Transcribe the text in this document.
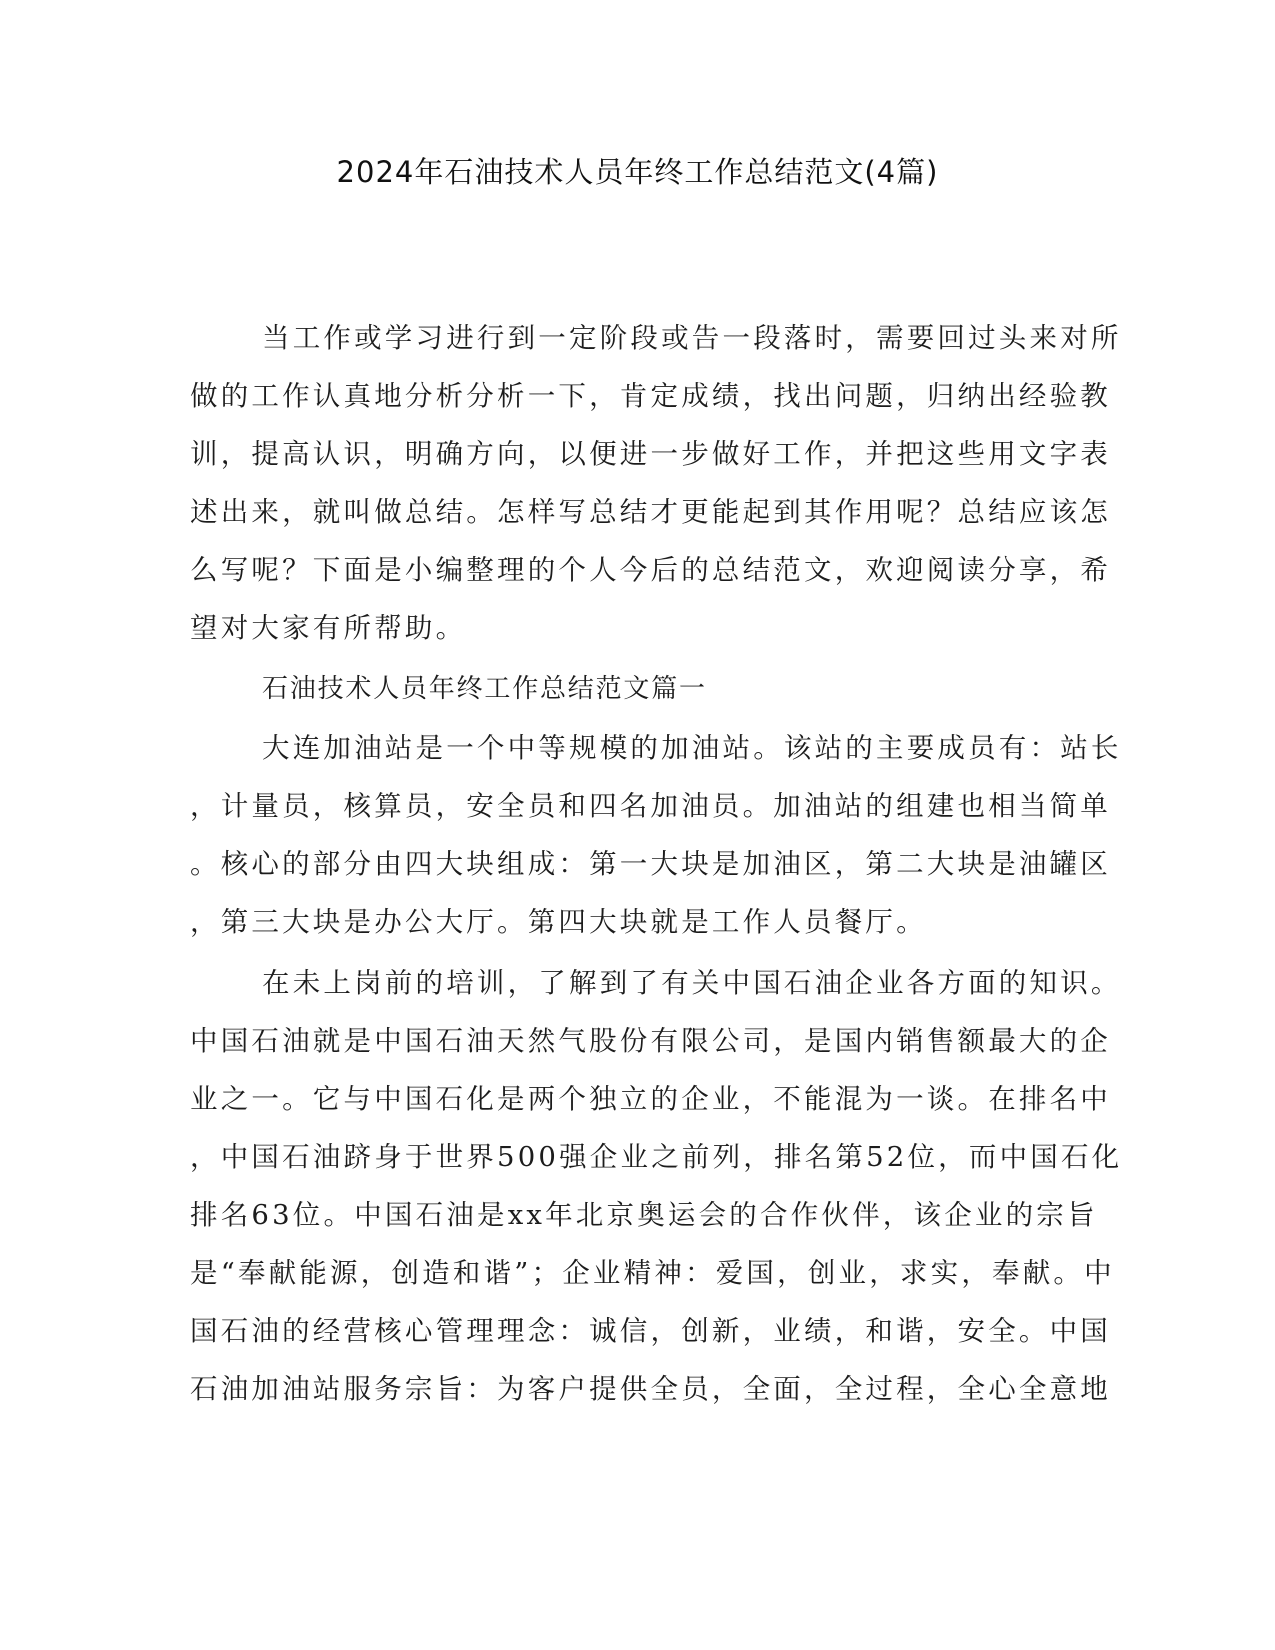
2024年石油技术人员年终工作总结范文(4篇)
当工作或学习进行到一定阶段或告一段落时，需要回过头来对所
做的工作认真地分析分析一下，肯定成绩，找出问题，归纳出经验教
训，提高认识，明确方向，以便进一步做好工作，并把这些用文字表
述出来，就叫做总结。怎样写总结才更能起到其作用呢？总结应该怎
么写呢？下面是小编整理的个人今后的总结范文，欢迎阅读分享，希
望对大家有所帮助。
石油技术人员年终工作总结范文篇一
大连加油站是一个中等规模的加油站。该站的主要成员有：站长
，计量员，核算员，安全员和四名加油员。加油站的组建也相当简单
。核心的部分由四大块组成：第一大块是加油区，第二大块是油罐区
，第三大块是办公大厅。第四大块就是工作人员餐厅。
在未上岗前的培训，了解到了有关中国石油企业各方面的知识。
中国石油就是中国石油天然气股份有限公司，是国内销售额最大的企
业之一。它与中国石化是两个独立的企业，不能混为一谈。在排名中
，中国石油跻身于世界500强企业之前列，排名第52位，而中国石化
排名63位。中国石油是xx年北京奥运会的合作伙伴，该企业的宗旨
是“奉献能源，创造和谐”；企业精神：爱国，创业，求实，奉献。中
国石油的经营核心管理理念：诚信，创新，业绩，和谐，安全。中国
石油加油站服务宗旨：为客户提供全员，全面，全过程，全心全意地
